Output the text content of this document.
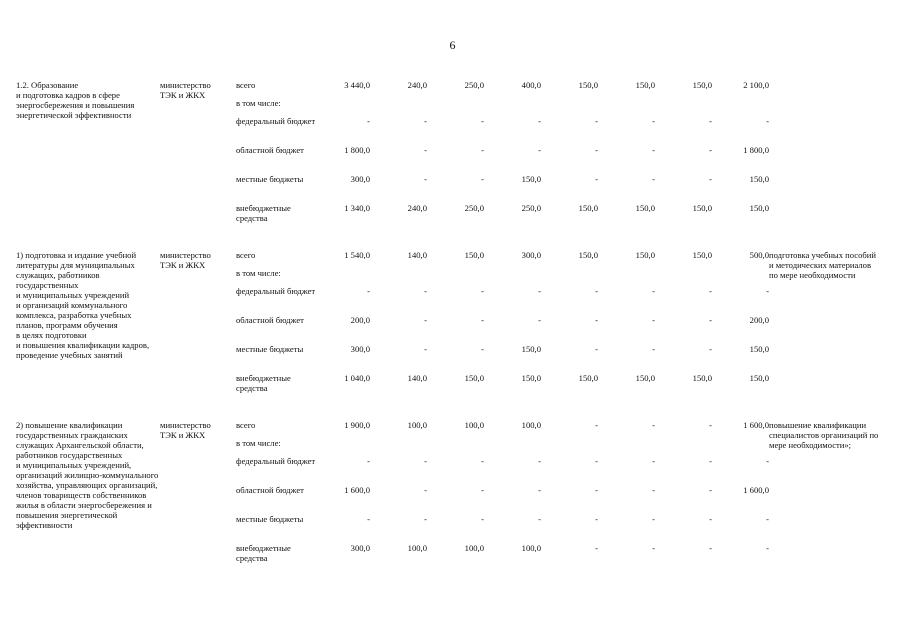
6
1.2. Образование
и подготовка кадров в сфере энергосбережения и повышения энергетической эффективности	министерство
ТЭК и ЖКХ	всего	3 440,0	240,0	250,0	400,0	150,0	150,0	150,0	2 100,0	
		в том числе:									
		федеральный бюджет	-	-	-	-	-	-	-	-	
		областной бюджет	1 800,0	-	-	-	-	-	-	1 800,0	
		местные бюджеты	300,0	-	-	150,0	-	-	-	150,0	
		внебюджетные средства	1 340,0	240,0	250,0	250,0	150,0	150,0	150,0	150,0	

1) подготовка и издание учебной литературы для муниципальных служащих, работников государственных
и муниципальных учреждений
и организаций коммунального комплекса, разработка учебных планов, программ обучения
в целях подготовки
и повышения квалификации кадров, проведение учебных занятий	министерство
ТЭК и ЖКХ	всего	1 540,0	140,0	150,0	300,0	150,0	150,0	150,0	500,0	подготовка учебных пособий
и методических материалов по мере необходимости
		в том числе:									
		федеральный бюджет	-	-	-	-	-	-	-	-	
		областной бюджет	200,0	-	-	-	-	-	-	200,0	
		местные бюджеты	300,0	-	-	150,0	-	-	-	150,0	
		внебюджетные средства	1 040,0	140,0	150,0	150,0	150,0	150,0	150,0	150,0	

2) повышение квалификации государственных гражданских служащих Архангельской области, работников государственных
и муниципальных учреждений, организаций жилищно-коммунального хозяйства, управляющих организаций, членов товариществ собственников жилья в области энергосбережения и повышения энергетической эффективности	министерство
ТЭК и ЖКХ	всего	1 900,0	100,0	100,0	100,0	-	-	-	1 600,0	повышение квалификации специалистов организаций по мере необходимости»;
		в том числе:									
		федеральный бюджет	-	-	-	-	-	-	-	-	
		областной бюджет	1 600,0	-	-	-	-	-	-	1 600,0	
		местные бюджеты	-	-	-	-	-	-	-	-	
		внебюджетные средства	300,0	100,0	100,0	100,0	-	-	-	-	
